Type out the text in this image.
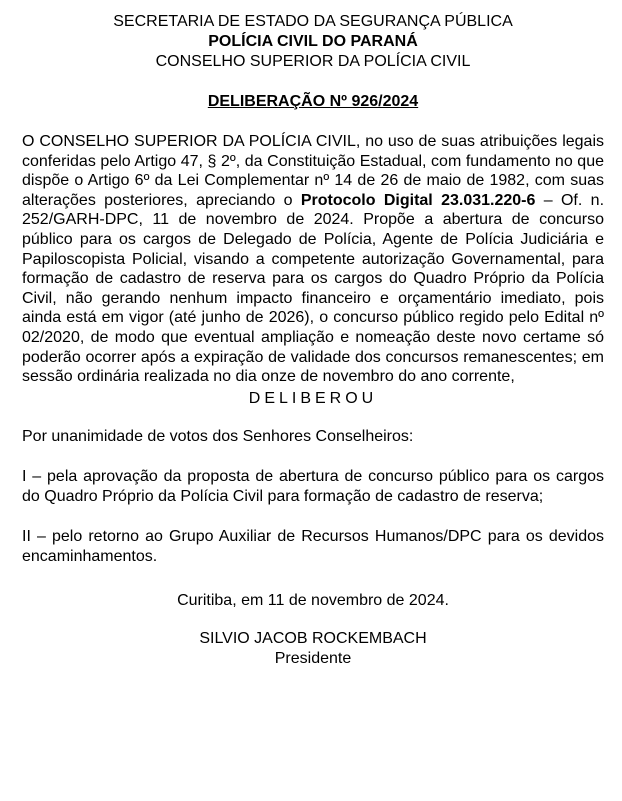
SECRETARIA DE ESTADO DA SEGURANÇA PÚBLICA
POLÍCIA CIVIL DO PARANÁ
CONSELHO SUPERIOR DA POLÍCIA CIVIL
DELIBERAÇÃO Nº 926/2024
O CONSELHO SUPERIOR DA POLÍCIA CIVIL, no uso de suas atribuições legais conferidas pelo Artigo 47, § 2º, da Constituição Estadual, com fundamento no que dispõe o Artigo 6º da Lei Complementar nº 14 de 26 de maio de 1982, com suas alterações posteriores, apreciando o Protocolo Digital 23.031.220-6 – Of. n. 252/GARH-DPC, 11 de novembro de 2024. Propõe a abertura de concurso público para os cargos de Delegado de Polícia, Agente de Polícia Judiciária e Papiloscopista Policial, visando a competente autorização Governamental, para formação de cadastro de reserva para os cargos do Quadro Próprio da Polícia Civil, não gerando nenhum impacto financeiro e orçamentário imediato, pois ainda está em vigor (até junho de 2026), o concurso público regido pelo Edital nº 02/2020, de modo que eventual ampliação e nomeação deste novo certame só poderão ocorrer após a expiração de validade dos concursos remanescentes; em sessão ordinária realizada no dia onze de novembro do ano corrente,
DELIBEROU
Por unanimidade de votos dos Senhores Conselheiros:
I – pela aprovação da proposta de abertura de concurso público para os cargos do Quadro Próprio da Polícia Civil para formação de cadastro de reserva;
II – pelo retorno ao Grupo Auxiliar de Recursos Humanos/DPC para os devidos encaminhamentos.
Curitiba, em 11 de novembro de 2024.
SILVIO JACOB ROCKEMBACH
Presidente
